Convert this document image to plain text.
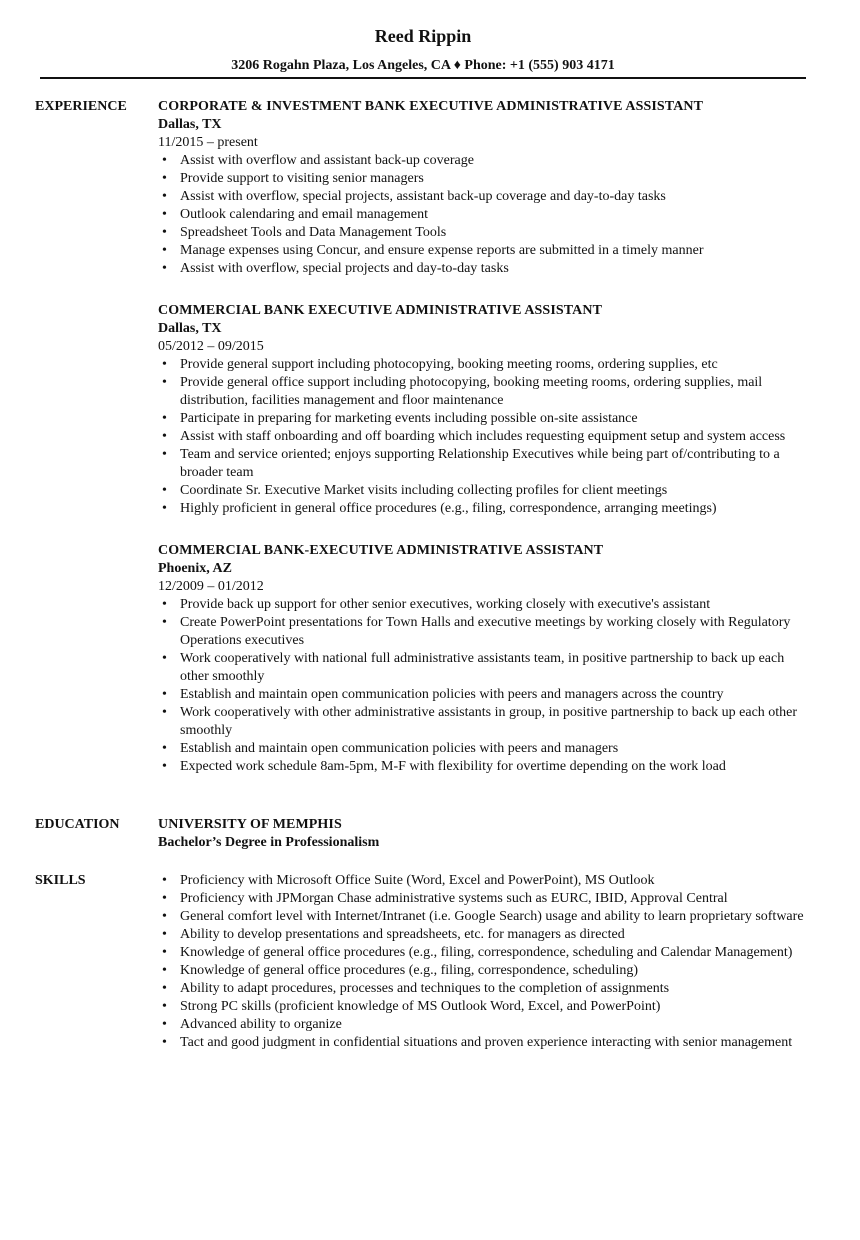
Reed Rippin
3206 Rogahn Plaza, Los Angeles, CA ♦ Phone: +1 (555) 903 4171
EXPERIENCE CORPORATE & INVESTMENT BANK EXECUTIVE ADMINISTRATIVE ASSISTANT
Dallas, TX
11/2015 – present
• Assist with overflow and assistant back-up coverage
• Provide support to visiting senior managers
• Assist with overflow, special projects, assistant back-up coverage and day-to-day tasks
• Outlook calendaring and email management
• Spreadsheet Tools and Data Management Tools
• Manage expenses using Concur, and ensure expense reports are submitted in a timely manner
• Assist with overflow, special projects and day-to-day tasks
COMMERCIAL BANK EXECUTIVE ADMINISTRATIVE ASSISTANT
Dallas, TX
05/2012 – 09/2015
• Provide general support including photocopying, booking meeting rooms, ordering supplies, etc
• Provide general office support including photocopying, booking meeting rooms, ordering supplies, mail distribution, facilities management and floor maintenance
• Participate in preparing for marketing events including possible on-site assistance
• Assist with staff onboarding and off boarding which includes requesting equipment setup and system access
• Team and service oriented; enjoys supporting Relationship Executives while being part of/contributing to a broader team
• Coordinate Sr. Executive Market visits including collecting profiles for client meetings
• Highly proficient in general office procedures (e.g., filing, correspondence, arranging meetings)
COMMERCIAL BANK-EXECUTIVE ADMINISTRATIVE ASSISTANT
Phoenix, AZ
12/2009 – 01/2012
• Provide back up support for other senior executives, working closely with executive's assistant
• Create PowerPoint presentations for Town Halls and executive meetings by working closely with Regulatory Operations executives
• Work cooperatively with national full administrative assistants team, in positive partnership to back up each other smoothly
• Establish and maintain open communication policies with peers and managers across the country
• Work cooperatively with other administrative assistants in group, in positive partnership to back up each other smoothly
• Establish and maintain open communication policies with peers and managers
• Expected work schedule 8am-5pm, M-F with flexibility for overtime depending on the work load
EDUCATION	UNIVERSITY OF MEMPHIS
Bachelor’s Degree in Professionalism
SKILLS
•	Proficiency with Microsoft Office Suite (Word, Excel and PowerPoint), MS Outlook
• Proficiency with JPMorgan Chase administrative systems such as EURC, IBID, Approval Central
• General comfort level with Internet/Intranet (i.e. Google Search) usage and ability to learn proprietary software
• Ability to develop presentations and spreadsheets, etc. for managers as directed
• Knowledge of general office procedures (e.g., filing, correspondence, scheduling and Calendar Management)
• Knowledge of general office procedures (e.g., filing, correspondence, scheduling)
• Ability to adapt procedures, processes and techniques to the completion of assignments
• Strong PC skills (proficient knowledge of MS Outlook Word, Excel, and PowerPoint)
• Advanced ability to organize
• Tact and good judgment in confidential situations and proven experience interacting with senior management
